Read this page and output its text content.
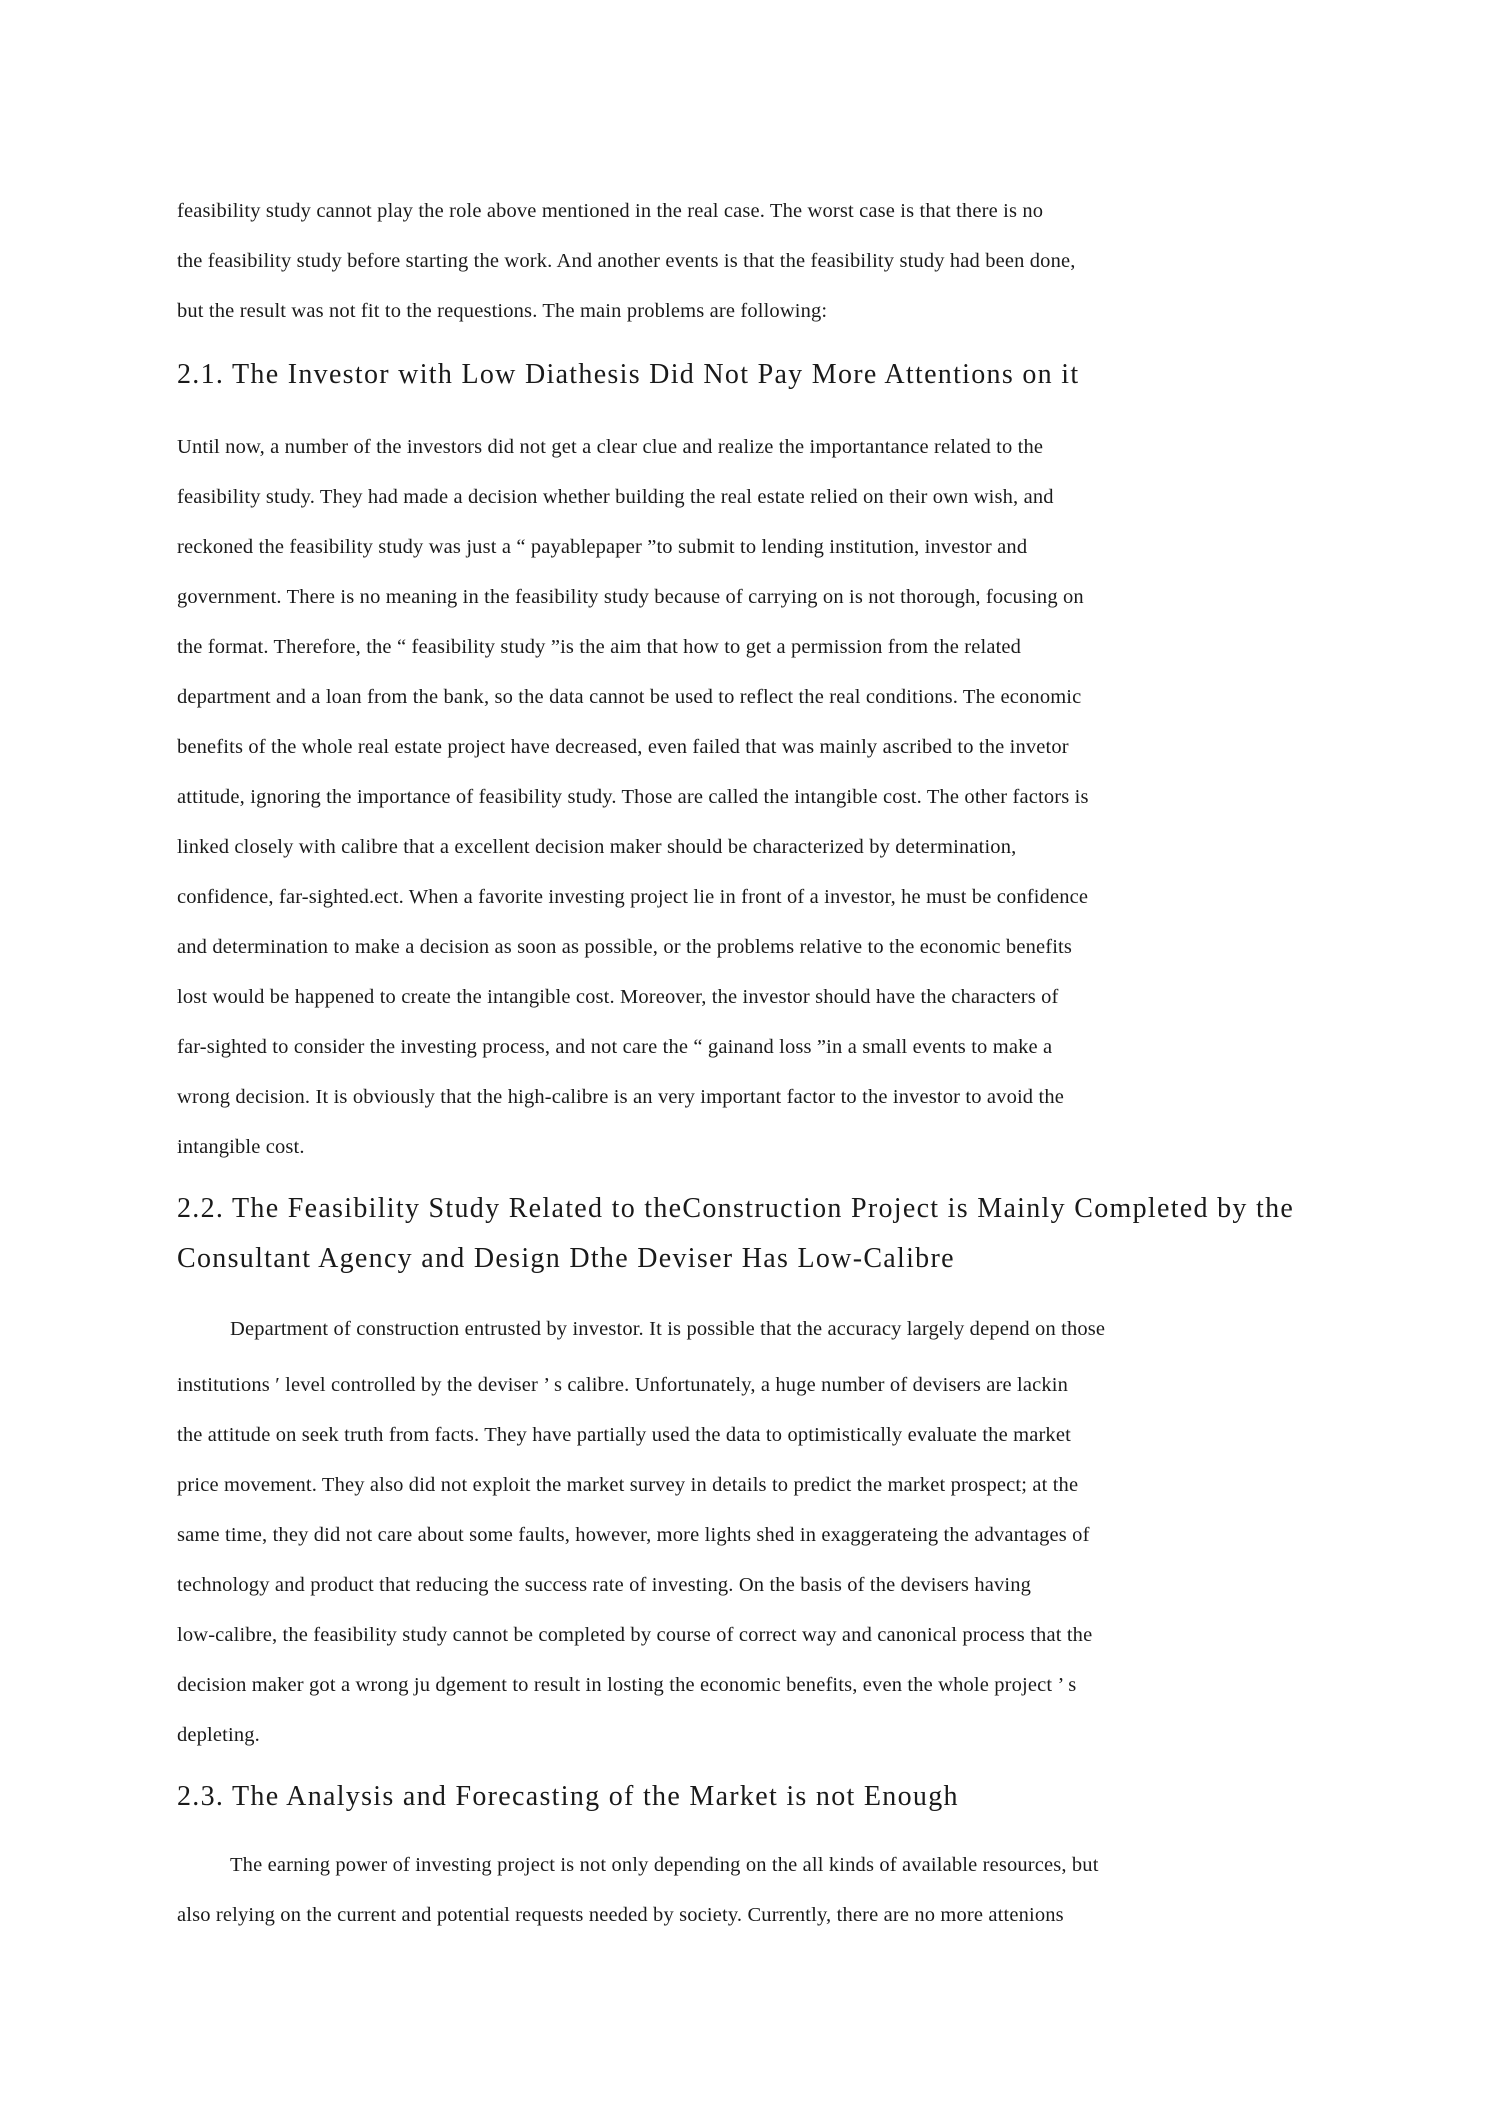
feasibility study cannot play the role above mentioned in the real case. The worst case is that there is no
the feasibility study before starting the work. And another events is that the feasibility study had been done,
but the result was not fit to the requestions. The main problems are following:
2.1. The Investor with Low Diathesis Did Not Pay More Attentions on it
Until now, a number of the investors did not get a clear clue and realize the importantance related to the
feasibility study. They had made a decision whether building the real estate relied on their own wish, and
reckoned the feasibility study was just a “ payablepaper ”to submit to lending institution, investor and
government. There is no meaning in the feasibility study because of carrying on is not thorough, focusing on
the format. Therefore, the “ feasibility study ”is the aim that how to get a permission from the related
department and a loan from the bank, so the data cannot be used to reflect the real conditions. The economic
benefits of the whole real estate project have decreased, even failed that was mainly ascribed to the invetor
attitude, ignoring the importance of feasibility study. Those are called the intangible cost. The other factors is
linked closely with calibre that a excellent decision maker should be characterized by determination,
confidence, far-sighted.ect. When a favorite investing project lie in front of a investor, he must be confidence
and determination to make a decision as soon as possible, or the problems relative to the economic benefits
lost would be happened to create the intangible cost. Moreover, the investor should have the characters of
far-sighted to consider the investing process, and not care the “ gainand loss ”in a small events to make a
wrong decision. It is obviously that the high-calibre is an very important factor to the investor to avoid the
intangible cost.
2.2. The Feasibility Study Related to theConstruction Project is Mainly Completed by the
Consultant Agency and Design Dthe Deviser Has Low-Calibre
Department of construction entrusted by investor. It is possible that the accuracy largely depend on those
institutions ′ level controlled by the deviser ’ s calibre. Unfortunately, a huge number of devisers are lackin
the attitude on seek truth from facts. They have partially used the data to optimistically evaluate the market
price movement. They also did not exploit the market survey in details to predict the market prospect; at the
same time, they did not care about some faults, however, more lights shed in exaggerateing the advantages of
technology and product that reducing the success rate of investing. On the basis of the devisers having
low-calibre, the feasibility study cannot be completed by course of correct way and canonical process that the
decision maker got a wrong ju dgement to result in losting the economic benefits, even the whole project ’ s
depleting.
2.3. The Analysis and Forecasting of the Market is not Enough
The earning power of investing project is not only depending on the all kinds of available resources, but
also relying on the current and potential requests needed by society. Currently, there are no more attenions
